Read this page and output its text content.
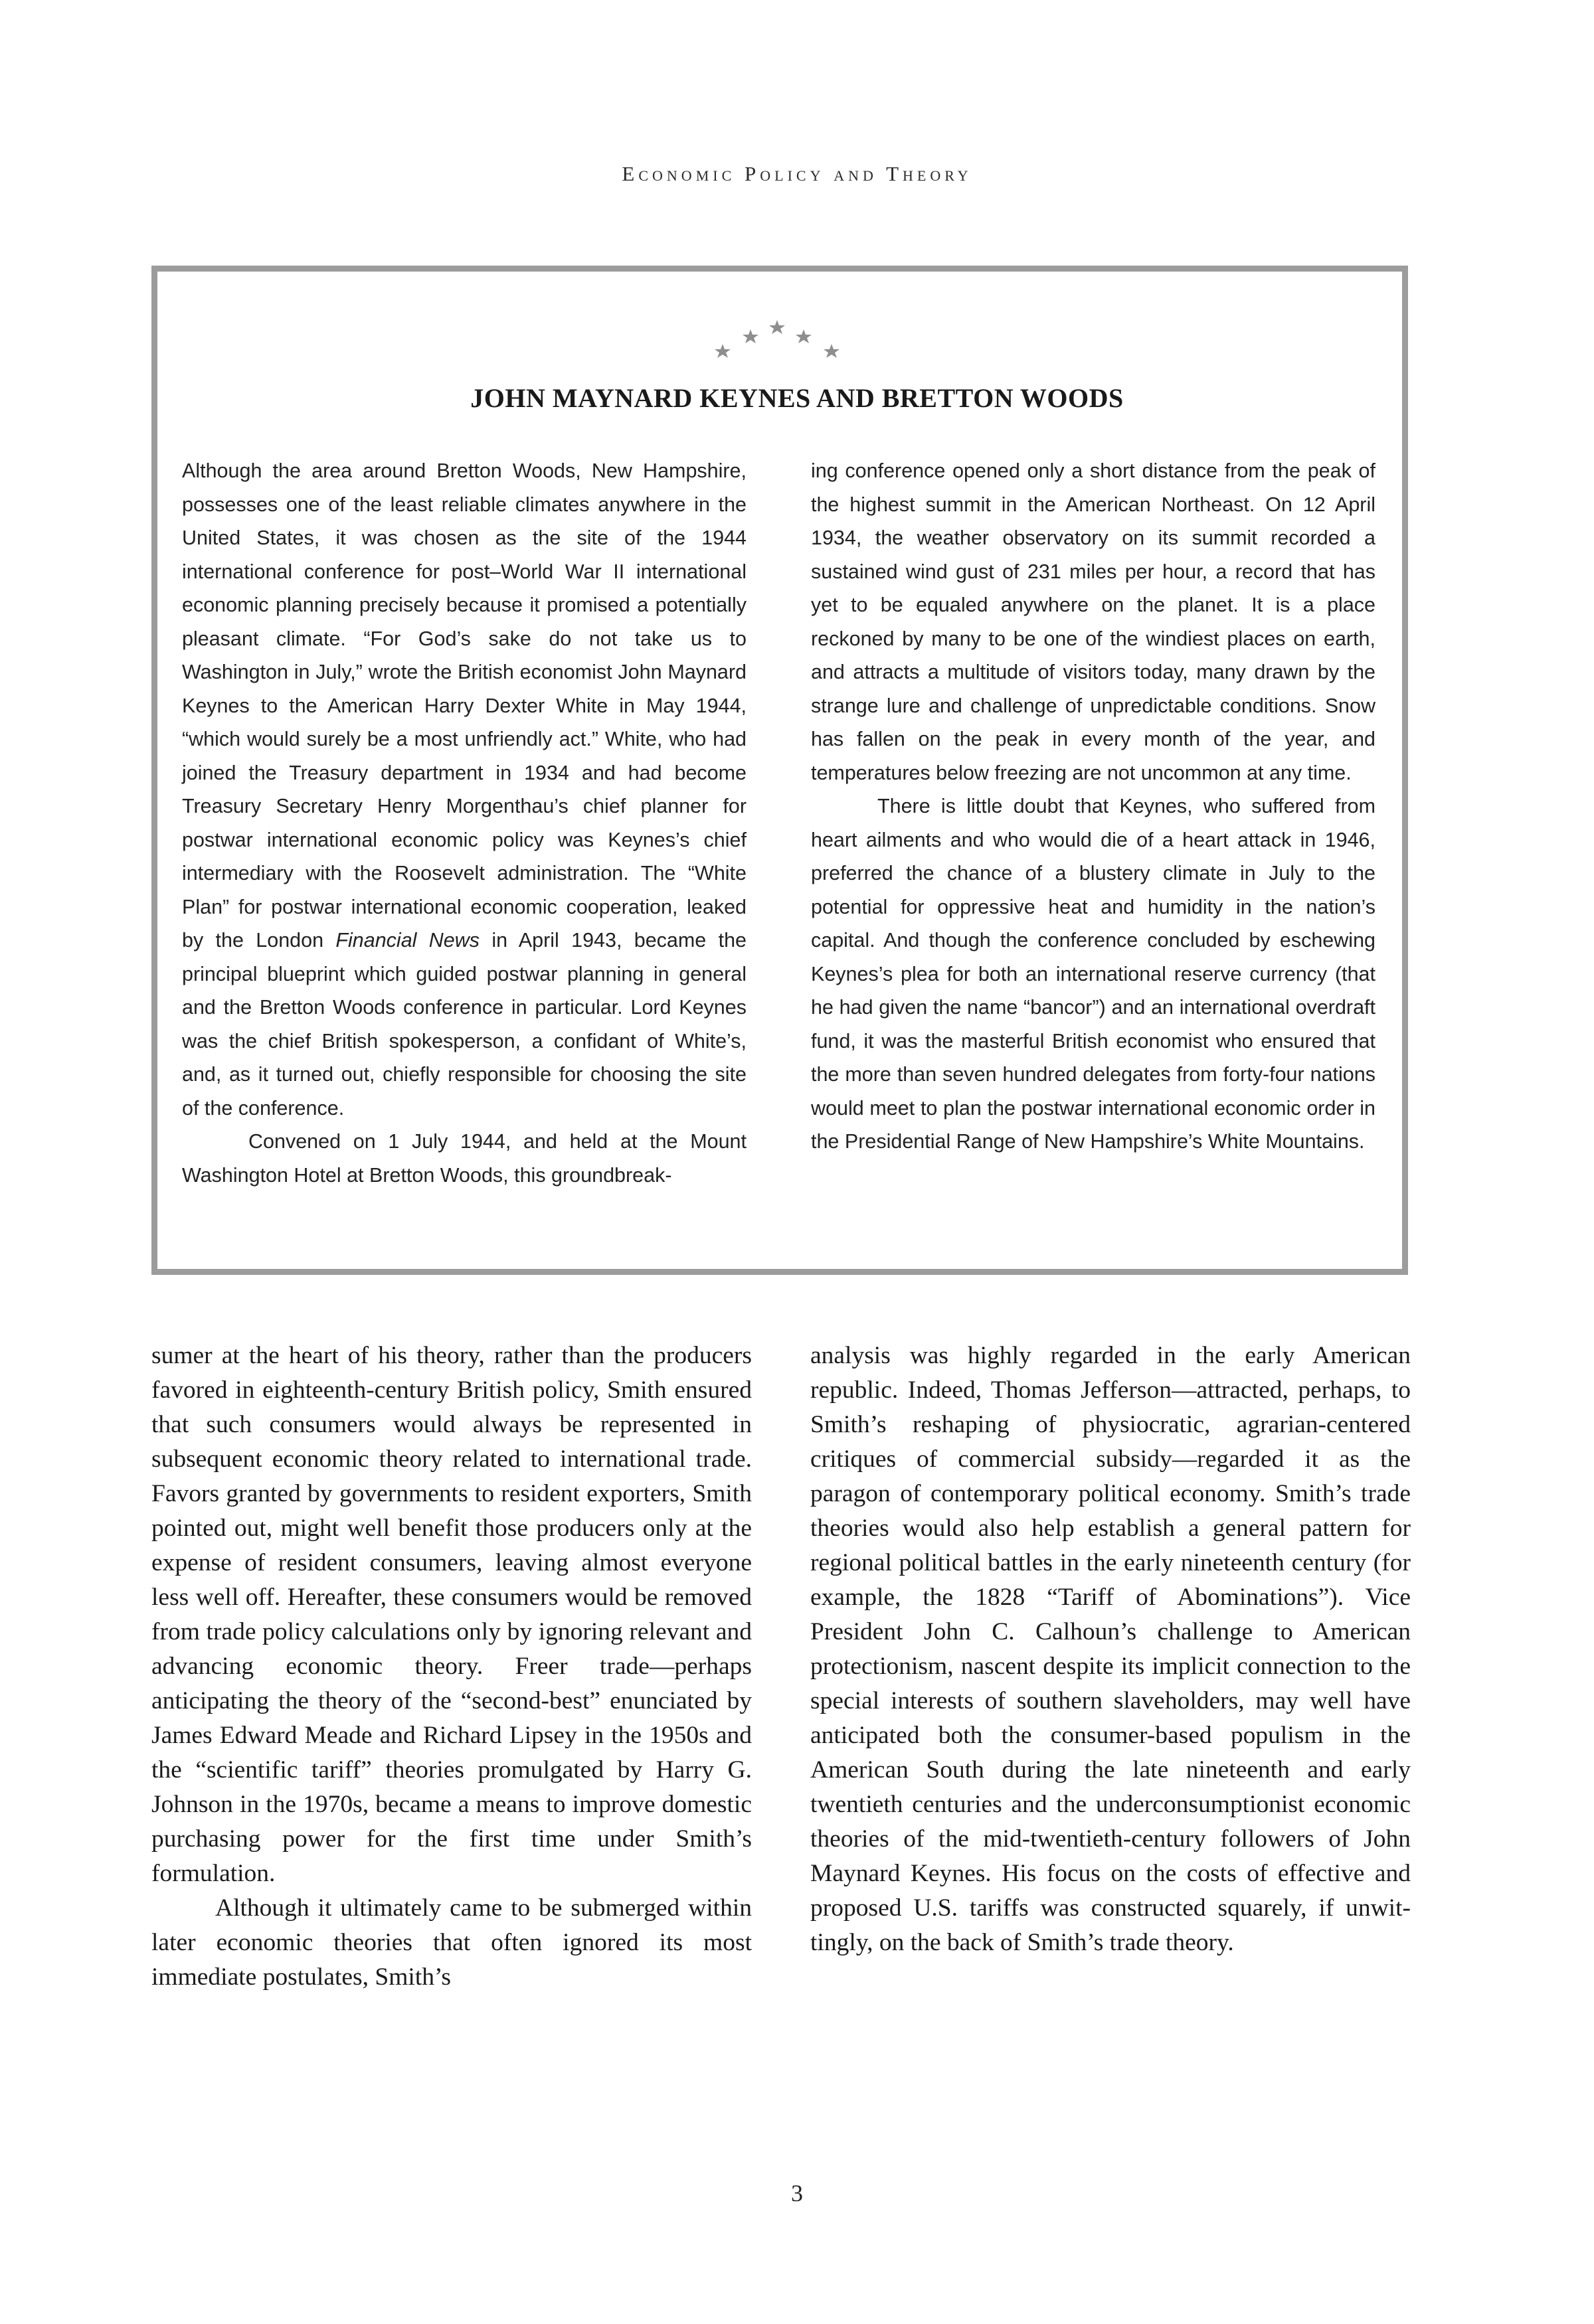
Economic Policy and Theory
JOHN MAYNARD KEYNES AND BRETTON WOODS

Although the area around Bretton Woods, New Hampshire, possesses one of the least reliable climates anywhere in the United States, it was chosen as the site of the 1944 international conference for post–World War II international economic planning precisely because it promised a potentially pleasant climate. “For God’s sake do not take us to Washington in July,” wrote the British economist John Maynard Keynes to the American Harry Dexter White in May 1944, “which would surely be a most unfriendly act.” White, who had joined the Treasury department in 1934 and had become Treasury Secretary Henry Morgenthau’s chief planner for postwar international economic policy was Keynes’s chief intermediary with the Roosevelt administration. The “White Plan” for postwar international economic cooperation, leaked by the London Financial News in April 1943, became the principal blueprint which guided postwar planning in general and the Bretton Woods conference in particular. Lord Keynes was the chief British spokesperson, a confidant of White’s, and, as it turned out, chiefly responsible for choosing the site of the conference.

Convened on 1 July 1944, and held at the Mount Washington Hotel at Bretton Woods, this groundbreak-

ing conference opened only a short distance from the peak of the highest summit in the American Northeast. On 12 April 1934, the weather observatory on its summit recorded a sustained wind gust of 231 miles per hour, a record that has yet to be equaled anywhere on the planet. It is a place reckoned by many to be one of the windiest places on earth, and attracts a multitude of visitors today, many drawn by the strange lure and challenge of unpredictable conditions. Snow has fallen on the peak in every month of the year, and temperatures below freezing are not uncommon at any time.

There is little doubt that Keynes, who suffered from heart ailments and who would die of a heart attack in 1946, preferred the chance of a blustery climate in July to the potential for oppressive heat and humidity in the nation’s capital. And though the conference concluded by eschewing Keynes’s plea for both an international reserve currency (that he had given the name “bancor”) and an international overdraft fund, it was the masterful British economist who ensured that the more than seven hundred delegates from forty-four nations would meet to plan the postwar international economic order in the Presidential Range of New Hampshire’s White Mountains.

sumer at the heart of his theory, rather than the producers favored in eighteenth-century British policy, Smith ensured that such consumers would always be represented in subsequent economic theory related to international trade. Favors granted by governments to resident exporters, Smith pointed out, might well benefit those producers only at the expense of resident consumers, leaving almost everyone less well off. Hereafter, these consumers would be removed from trade policy calculations only by ignoring relevant and advancing economic theory. Freer trade—perhaps anticipating the theory of the “second-best” enunciated by James Edward Meade and Richard Lipsey in the 1950s and the “scientific tariff” theories promulgated by Harry G. Johnson in the 1970s, became a means to improve domestic purchasing power for the first time under Smith’s formulation.

Although it ultimately came to be submerged within later economic theories that often ignored its most immediate postulates, Smith’s

analysis was highly regarded in the early American republic. Indeed, Thomas Jefferson—attracted, perhaps, to Smith’s reshaping of physiocratic, agrarian-centered critiques of commercial subsidy—regarded it as the paragon of contemporary political economy. Smith’s trade theories would also help establish a general pattern for regional political battles in the early nineteenth century (for example, the 1828 “Tariff of Abominations”). Vice President John C. Calhoun’s challenge to American protectionism, nascent despite its implicit connection to the special interests of southern slaveholders, may well have anticipated both the consumer-based populism in the American South during the late nineteenth and early twentieth centuries and the underconsumptionist economic theories of the mid-twentieth-century followers of John Maynard Keynes. His focus on the costs of effective and proposed U.S. tariffs was constructed squarely, if unwittingly, on the back of Smith’s trade theory.

3
